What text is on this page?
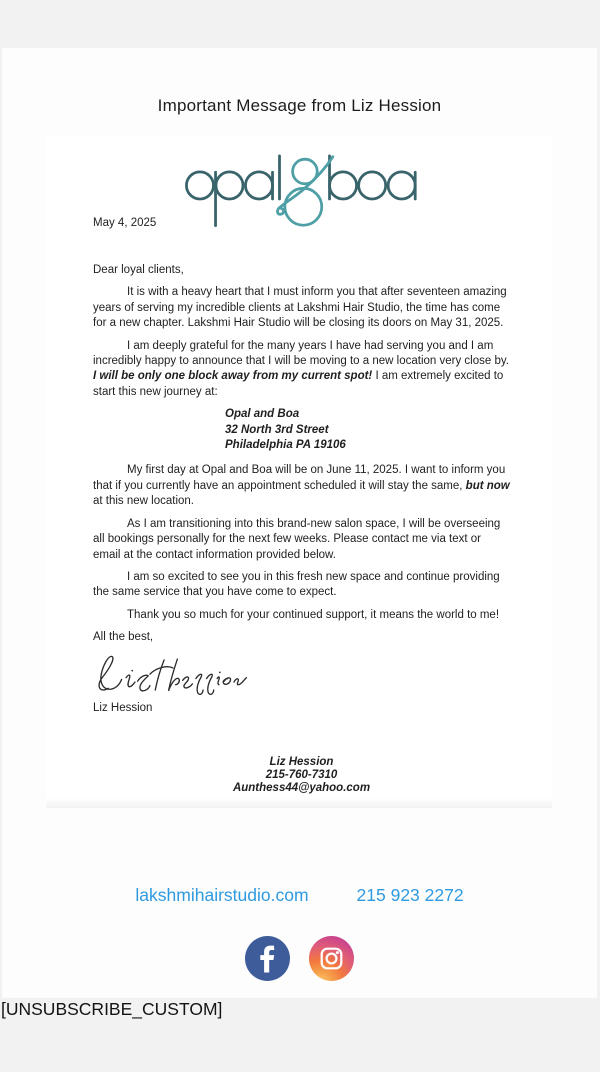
Important Message from Liz Hession
May 4, 2025

Dear loyal clients,

It is with a heavy heart that I must inform you that after seventeen amazing years of serving my incredible clients at Lakshmi Hair Studio, the time has come for a new chapter. Lakshmi Hair Studio will be closing its doors on May 31, 2025.

I am deeply grateful for the many years I have had serving you and I am incredibly happy to announce that I will be moving to a new location very close by. I will be only one block away from my current spot! I am extremely excited to start this new journey at:

Opal and Boa
32 North 3rd Street
Philadelphia PA 19106

My first day at Opal and Boa will be on June 11, 2025. I want to inform you that if you currently have an appointment scheduled it will stay the same, but now at this new location.

As I am transitioning into this brand-new salon space, I will be overseeing all bookings personally for the next few weeks. Please contact me via text or email at the contact information provided below.

I am so excited to see you in this fresh new space and continue providing the same service that you have come to expect.

Thank you so much for your continued support, it means the world to me!

All the best,

Liz Hession
Liz Hession
215-760-7310
Aunthess44@yahoo.com
lakshmihairstudio.com	215 923 2272
[UNSUBSCRIBE_CUSTOM]
